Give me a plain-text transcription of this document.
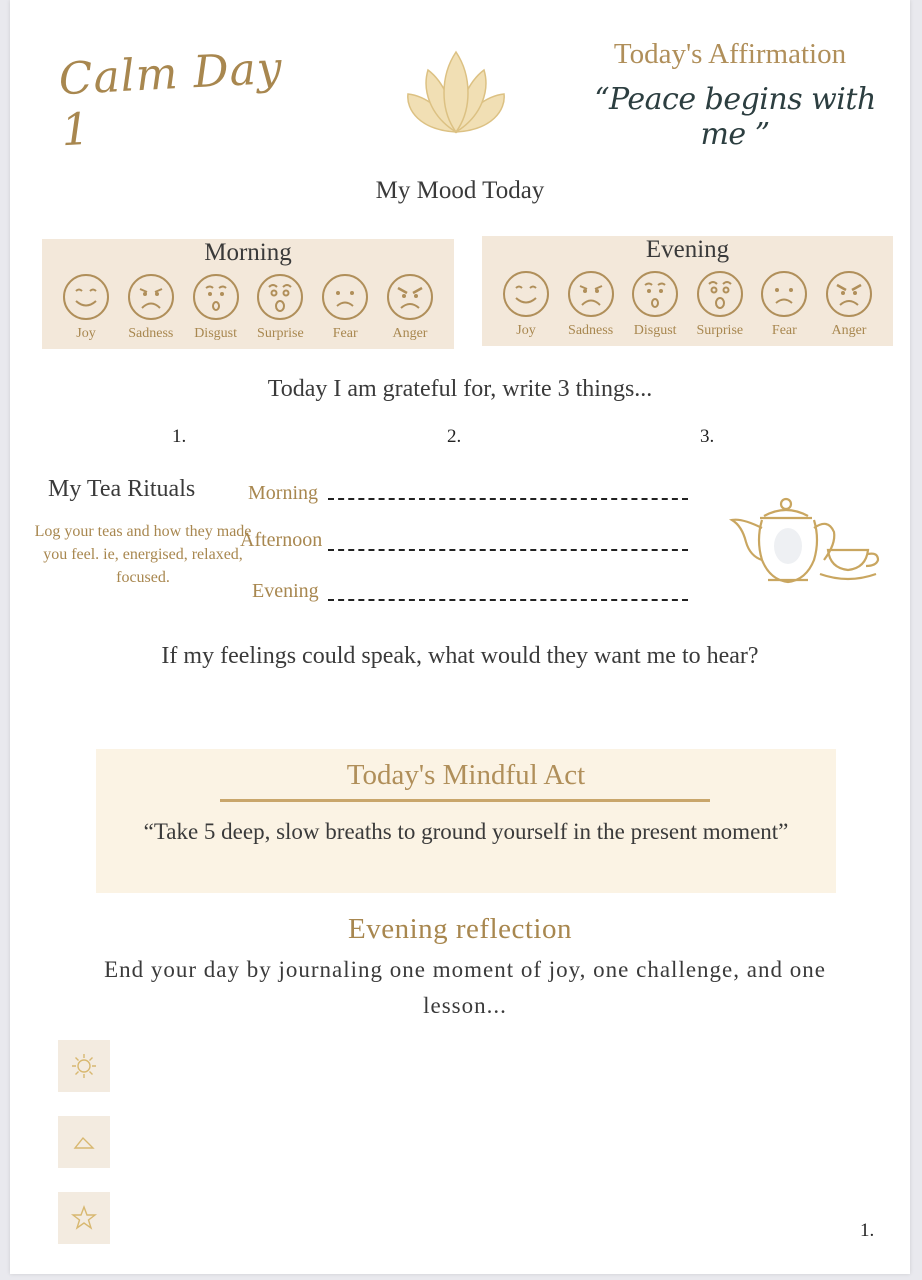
Calm Day 1
Today's Affirmation
“Peace begins with me ”
My Mood Today
Morning
Joy Sadness Disgust Surprise Fear Anger
Evening
Joy Sadness Disgust Surprise Fear Anger
Today I am grateful for, write 3 things...
1.	2.	3.
My Tea Rituals
Log your teas and how they made you feel. ie, energised, relaxed, focused.
Morning
Afternoon
Evening
If my feelings could speak, what would they want me to hear?
Today's Mindful Act
“Take 5 deep, slow breaths to ground yourself in the present moment”
Evening reflection
End your day by journaling one moment of joy, one challenge, and one lesson...
1.
